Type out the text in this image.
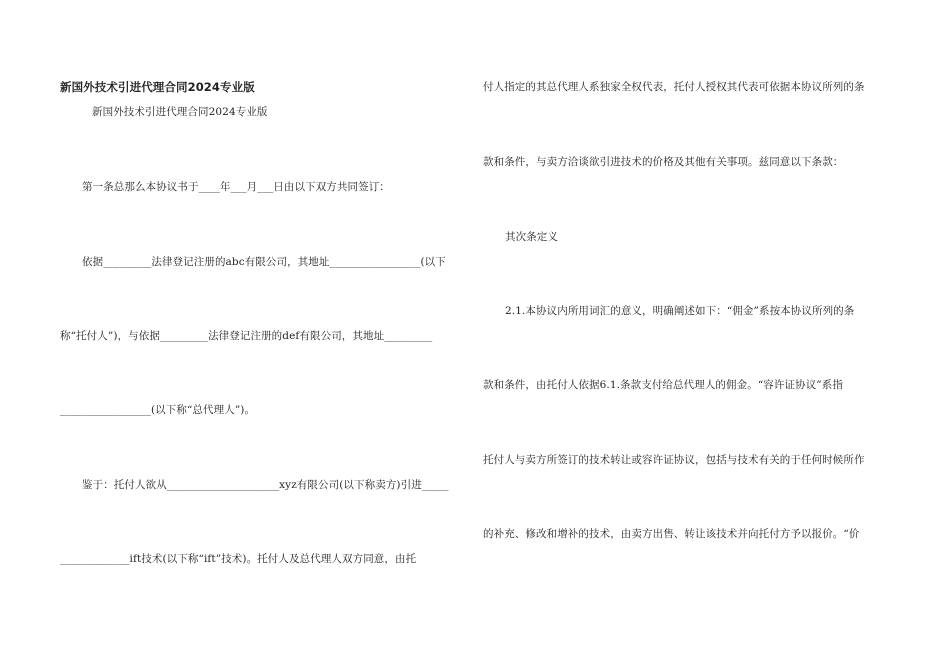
新国外技术引进代理合同2024专业版
新国外技术引进代理合同2024专业版
第一条总那么本协议书于____年___月___日由以下双方共同签订：
依据_________法律登记注册的abc有限公司，其地址_________________(以下
称“托付人”)，与依据_________法律登记注册的def有限公司，其地址_________
_________________(以下称“总代理人”)。
鉴于：托付人欲从_____________________xyz有限公司(以下称卖方)引进_____
_____________ift技术(以下称“ift”技术)。托付人及总代理人双方同意，由托
付人指定的其总代理人系独家全权代表，托付人授权其代表可依据本协议所列的条
款和条件，与卖方洽谈欲引进技术的价格及其他有关事项。兹同意以下条款：
其次条定义
2.1.本协议内所用词汇的意义，明确阐述如下：“佣金”系按本协议所列的条
款和条件，由托付人依据6.1.条款支付给总代理人的佣金。“容许证协议”系指
托付人与卖方所签订的技术转让或容许证协议，包括与技术有关的于任何时候所作
的补充、修改和增补的技术，由卖方出售、转让该技术并向托付方予以报价。“价
